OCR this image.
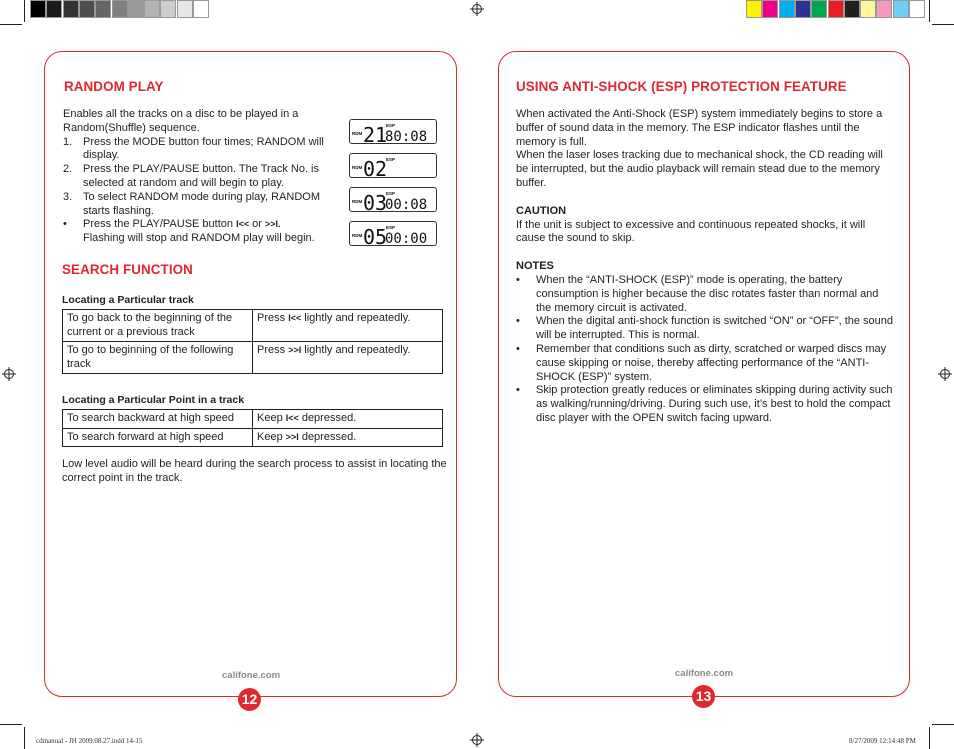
RANDOM PLAY

Enables all the tracks on a disc to be played in a Random(Shuffle) sequence.

1. Press the MODE button four times; RANDOM will display.
2. Press the PLAY/PAUSE button. The Track No. is selected at random and will begin to play.
3. To select RANDOM mode during play, RANDOM starts flashing.
• Press the PLAY/PAUSE button I<< or >>I.
Flashing will stop and RANDOM play will begin.
RDM
ESP
21
80:08
RDM
ESP
02
RDM
ESP
03
00:08
RDM
ESP
05
00:00
SEARCH FUNCTION
Locating a Particular track
To go back to the beginning of the current or a previous track	Press I<< lightly and repeatedly.
To go to beginning of the following track	Press >>I lightly and repeatedly.
Locating a Particular Point in a track
To search backward at high speed	Keep I<< depressed.
To search forward at high speed	Keep >>I depressed.

Low level audio will be heard during the search process to assist in locating the correct point in the track.

califone.com
12
USING ANTI-SHOCK (ESP) PROTECTION FEATURE

When activated the Anti-Shock (ESP) system immediately begins to store a buffer of sound data in the memory. The ESP indicator flashes until the memory is full.

When the laser loses tracking due to mechanical shock, the CD reading will be interrupted, but the audio playback will remain stead due to the memory buffer.

CAUTION

If the unit is subject to excessive and continuous repeated shocks, it will cause the sound to skip.

NOTES

• When the “ANTI-SHOCK (ESP)” mode is operating, the battery consumption is higher because the disc rotates faster than normal and the memory circuit is activated.
• When the digital anti-shock function is switched “ON” or “OFF”, the sound will be interrupted. This is normal.
• Remember that conditions such as dirty, scratched or warped discs may cause skipping or noise, thereby affecting performance of the “ANTI-SHOCK (ESP)” system.
• Skip protection greatly reduces or eliminates skipping during activity such as walking/running/driving. During such use, it’s best to hold the compact disc player with the OPEN switch facing upward.
califone.com
13
cdmanual - JH 2009.08.27.indd 14-15	8/27/2009 12:14:48 PM
